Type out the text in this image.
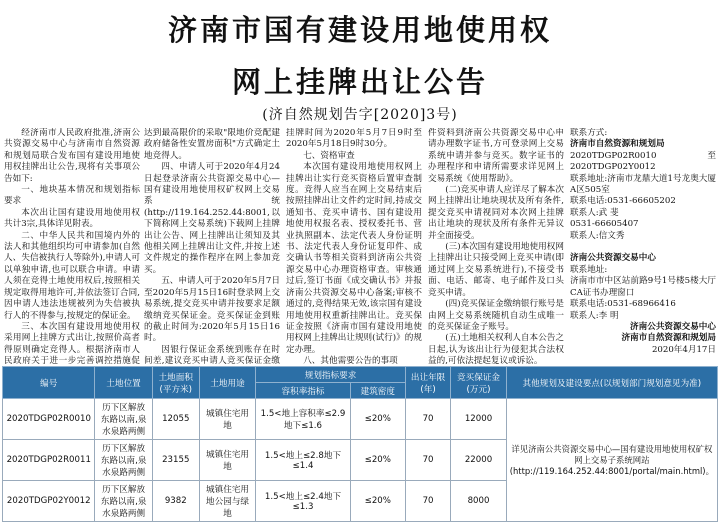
济南市国有建设用地使用权
网上挂牌出让公告
(济自然规划告字[2020]3号)

经济南市人民政府批准,济南公共资源交易中心与济南市自然资源和规划局联合发布国有建设用地使用权挂牌出让公告,现将有关事项公告如下:

一、地块基本情况和规划指标要求

本次出让国有建设用地使用权共计3宗,具体详见附表。

二、中华人民共和国境内外的法人和其他组织均可申请参加(自然人、失信被执行人等除外),申请人可以单独申请,也可以联合申请。申请人须在竞得土地使用权后,按照相关规定取得用地许可,并依法签订合同,因申请人违法违规被列为失信被执行人的不得参与,按规定的保证金。

三、本次国有建设用地使用权采用网上挂牌方式出让,按照价高者得原则确定竞得人。根据济南市人民政府关于进一步完善调控措施促

达到最高限价的采取"限地价竞配建政府储备性安置房面积"方式确定土地竞得人。

四、申请人可于2020年4月24日起登录济南公共资源交易中心—国有建设用地使用权矿权网上交易系统(http://119.164.252.44:8001,以下简称网上交易系统)下载网上挂牌出让公告、网上挂牌出让须知及其他相关网上挂牌出让文件,并按上述文件规定的操作程序在网上参加竞买。

五、申请人可于2020年5月7日至2020年5月15日16时登录网上交易系统,提交竞买申请并按要求足额缴纳竞买保证金。竞买保证金到账的截止时间为:2020年5月15日16时。

因银行保证金系统到账存在时间差,建议竞买申请人竞买保证金缴

挂牌时间为2020年5月7日9时至2020年5月18日9时30分。

七、资格审查

本次国有建设用地使用权网上挂牌出让实行竞买资格后置审查制度。竞得人应当在网上交易结束后按照挂牌出让文件约定时间,持成交通知书、竞买申请书、国有建设用地使用权报名表、授权委托书、营业执照副本、法定代表人身份证明书、法定代表人身份证复印件、成交确认书等相关资料到济南公共资源交易中心办理资格审查。审核通过后,签订书面《成交确认书》并报济南公共资源交易中心备案;审核不通过的,竞得结果无效,该宗国有建设用地使用权重新挂牌出让。竞买保证金按照《济南市国有建设用地使用权网上挂牌出让规则(试行)》的规定办理。

八、其他需要公告的事项

件资料到济南公共资源交易中心申请办理数字证书,方可登录网上交易系统申请并参与竞买。数字证书的办理程序和申请所需要求详见网上交易系统《使用帮助》。

(二)竞买申请人应详尽了解本次网上挂牌出让地块现状及所有条件,提交竞买申请视同对本次网上挂牌出让地块的现状及所有条件无异议并全面接受。

(三)本次国有建设用地使用权网上挂牌出让只接受网上竞买申请(即通过网上交易系统进行),不接受书面、电话、邮寄、电子邮件及口头竞买申请。

(四)竞买保证金缴纳银行账号是由网上交易系统随机自动生成唯一的竞买保证金子账号。

(五)土地相关权利人自本公告之日起,认为该出让行为侵犯其合法权益的,可依法提起复议或诉讼。

联系方式:

济南市自然资源和规划局

2020TDGP02R0010至2020TDGP02Y0012

联系地址:济南市龙鼎大道1号龙奥大厦A区505室

联系电话:0531-66605202

联系人:武 斐

0531-66605407

联系人:信文秀

济南公共资源交易中心

联系地址:

济南市市中区站前路9号1号楼5楼大厅CA证书办理窗口

联系电话:0531-68966416

联系人:李 明

济南公共资源交易中心

济南市自然资源和规划局

2020年4月17日

编号	土地位置	土地面积(平方米)	土地用途	规划指标要求		出让年限(年)	竞买保证金(万元)	其他规划及建设要点(以规划部门规划意见为准)
				容积率指标	建筑密度			
2020TDGP02R0010	历下区解放东路以南,泉水泉路两侧	12055	城镇住宅用地	1.5<地上容积率≤2.9地下≤1.6	≤20%	70	12000	详见济南公共资源交易中心—国有建设用地使用权矿权网上交易子系统网站(http://119.164.252.44:8001/portal/main.html)。
2020TDGP02R0011	历下区解放东路以南,泉水泉路两侧	23155	城镇住宅用地	1.5<地上≤2.8地下≤1.4	≤20%	70	22000	
2020TDGP02Y0012	历下区解放东路以南,泉水泉路两侧	9382	城镇住宅用地公园与绿地	1.5<地上≤2.4地下≤1.3	≤20%	70	8000	
